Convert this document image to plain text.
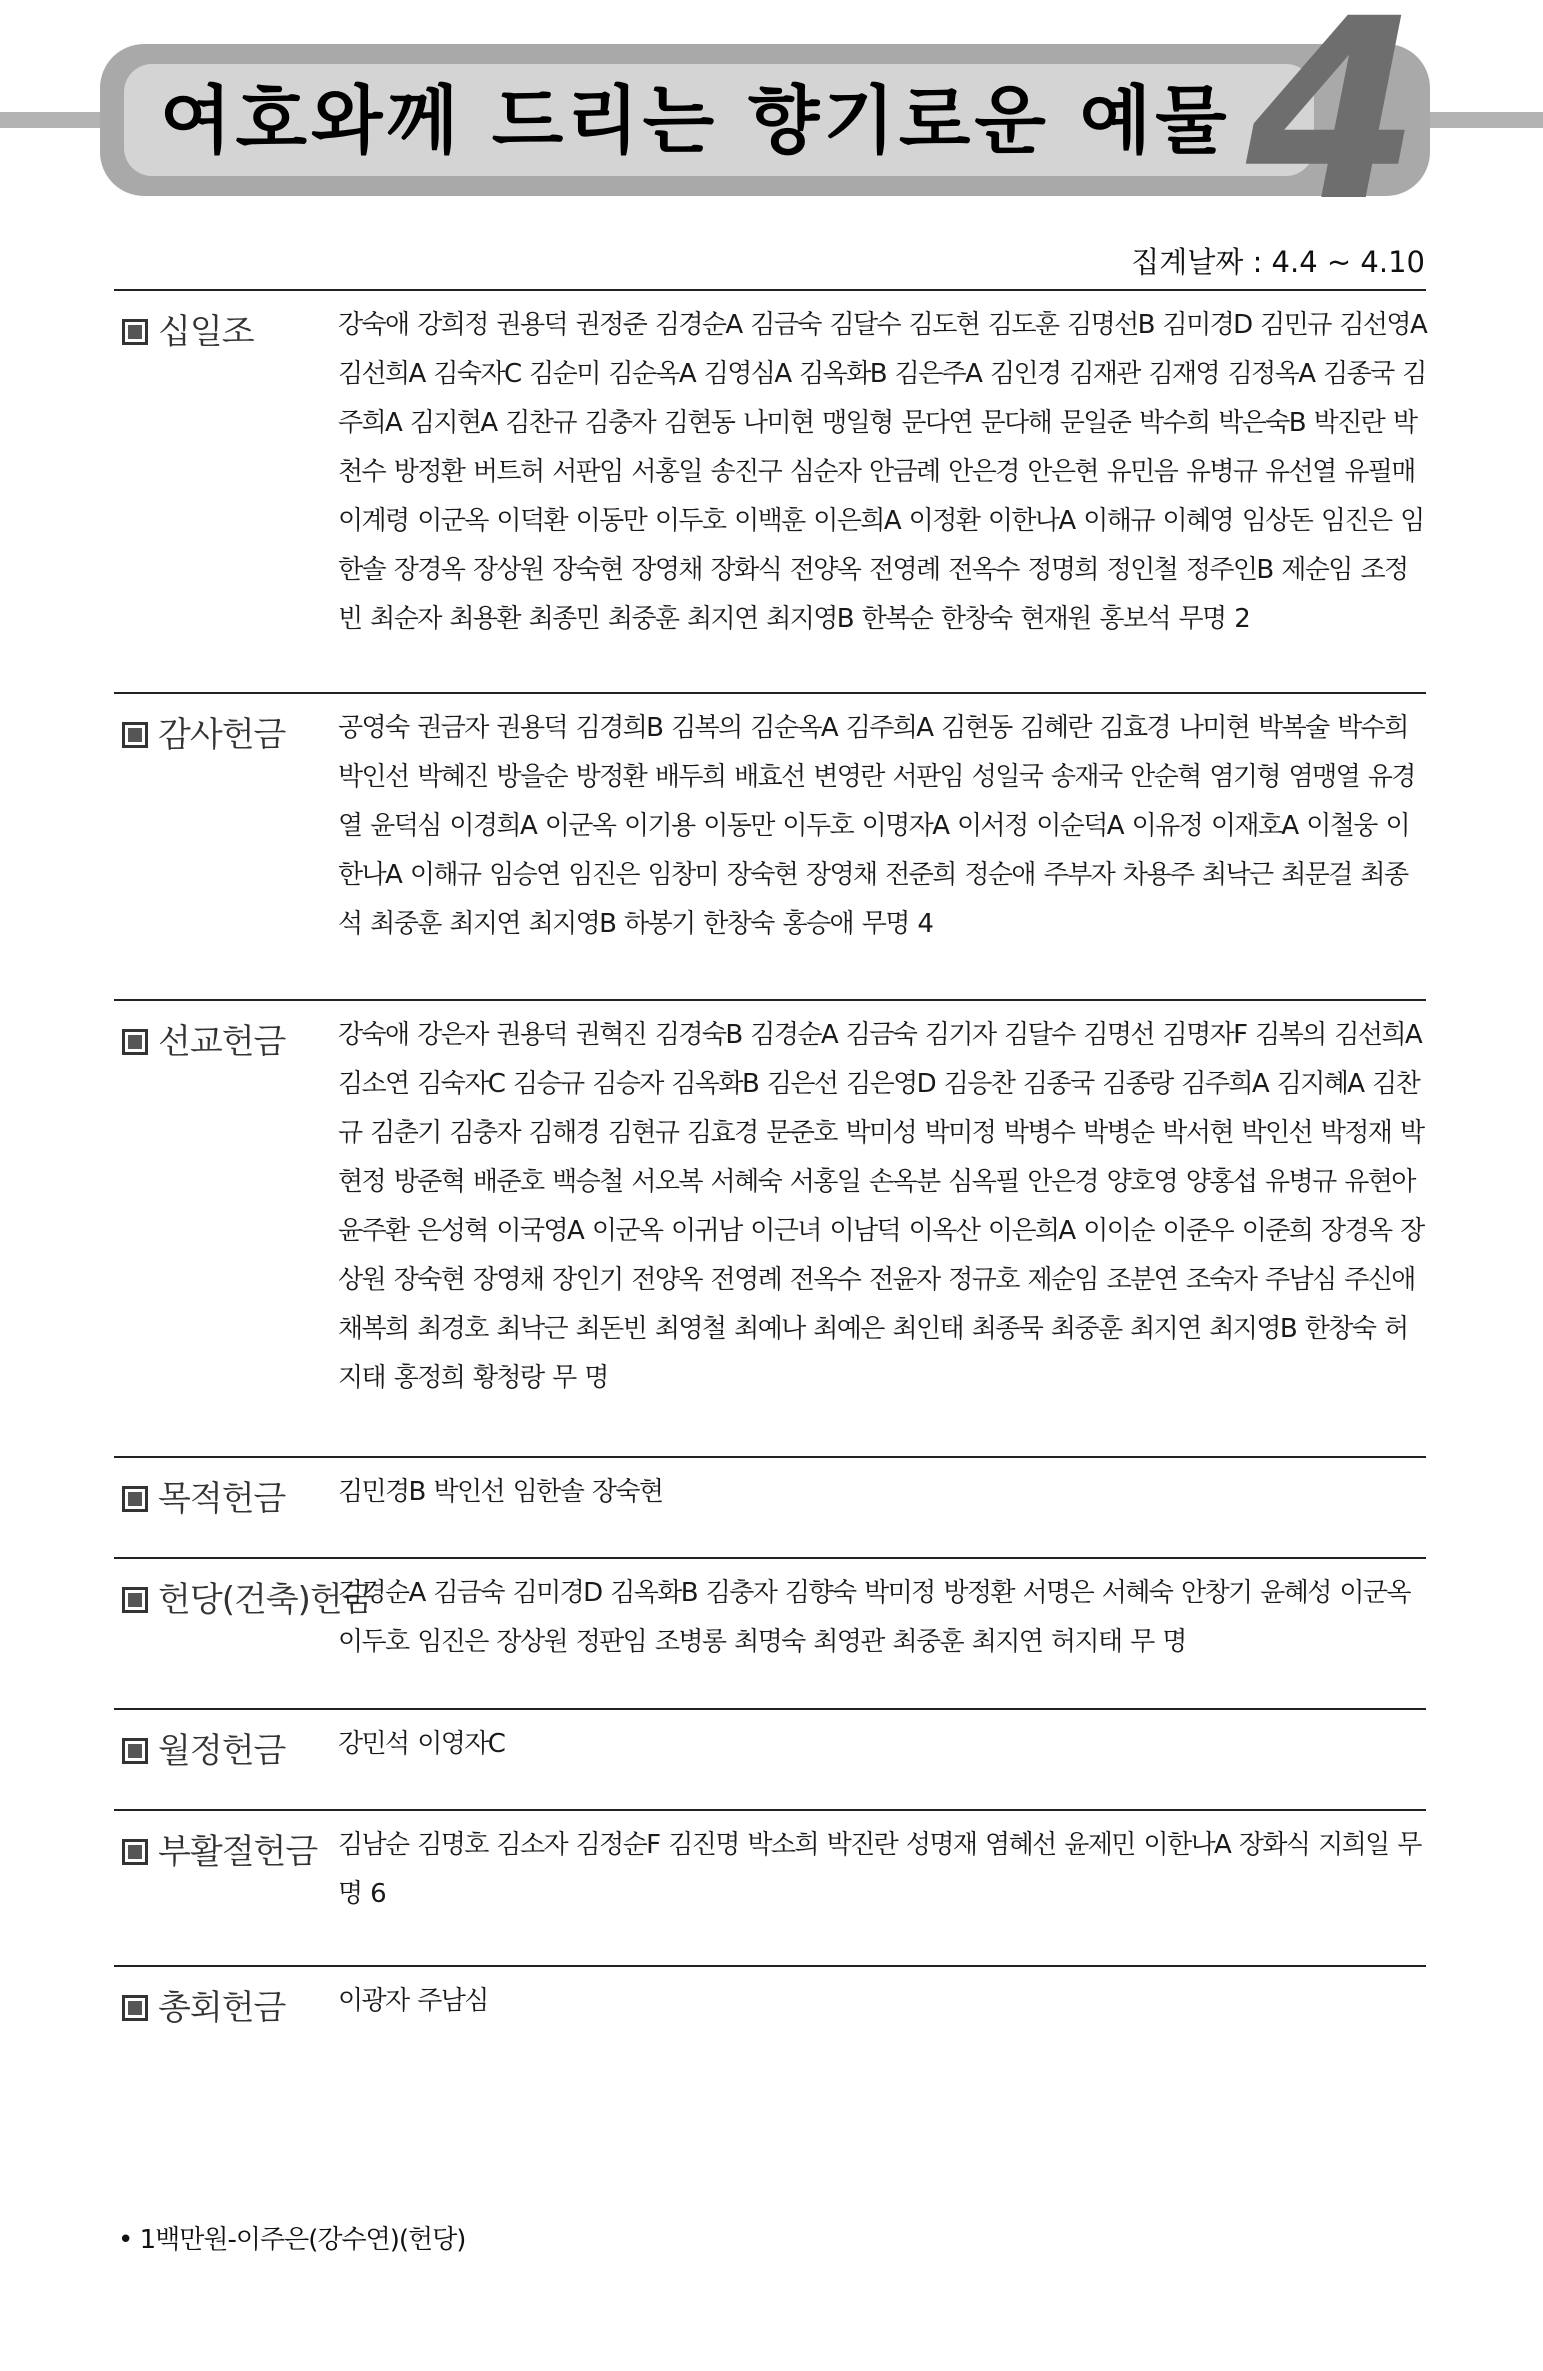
여호와께 드리는 향기로운 예물 4
집계날짜 : 4.4 ~ 4.10
십일조	강숙애 강희정 권용덕 권정준 김경순A 김금숙 김달수 김도현 김도훈 김명선B 김미경D 김민규 김선영A 김선희A 김숙자C 김순미 김순옥A 김영심A 김옥화B 김은주A 김인경 김재관 김재영 김정옥A 김종국 김주희A 김지현A 김찬규 김충자 김현동 나미현 맹일형 문다연 문다해 문일준 박수희 박은숙B 박진란 박천수 방정환 버트허 서판임 서홍일 송진구 심순자 안금례 안은경 안은현 유민음 유병규 유선열 유필매 이계령 이군옥 이덕환 이동만 이두호 이백훈 이은희A 이정환 이한나A 이해규 이혜영 임상돈 임진은 임한솔 장경옥 장상원 장숙현 장영채 장화식 전양옥 전영례 전옥수 정명희 정인철 정주인B 제순임 조정빈 최순자 최용환 최종민 최중훈 최지연 최지영B 한복순 한창숙 현재원 홍보석 무명 2
감사헌금 공영숙 권금자 권용덕 김경희B 김복의 김순옥A 김주희A 김현동 김혜란 김효경 나미현 박복술 박수희 박인선 박혜진 방을순 방정환 배두희 배효선 변영란 서판임 성일국 송재국 안순혁 염기형 염맹열 유경열 윤덕심 이경희A 이군옥 이기용 이동만 이두호 이명자A 이서정 이순덕A 이유정 이재호A 이철웅 이한나A 이해규 임승연 임진은 임창미 장숙현 장영채 전준희 정순애 주부자 차용주 최낙근 최문걸 최종석 최중훈 최지연 최지영B 하봉기 한창숙 홍승애 무명 4
선교헌금 강숙애 강은자 권용덕 권혁진 김경숙B 김경순A 김금숙 김기자 김달수 김명선 김명자F 김복의 김선희A 김소연 김숙자C 김승규 김승자 김옥화B 김은선 김은영D 김응찬 김종국 김종랑 김주희A 김지혜A 김찬규 김춘기 김충자 김해경 김현규 김효경 문준호 박미성 박미정 박병수 박병순 박서현 박인선 박정재 박현정 방준혁 배준호 백승철 서오복 서혜숙 서홍일 손옥분 심옥필 안은경 양호영 양홍섭 유병규 유현아 윤주환 은성혁 이국영A 이군옥 이귀남 이근녀 이남덕 이옥산 이은희A 이이순 이준우 이준희 장경옥 장상원 장숙현 장영채 장인기 전양옥 전영례 전옥수 전윤자 정규호 제순임 조분연 조숙자 주남심 주신애 채복희 최경호 최낙근 최돈빈 최영철 최예나 최예은 최인태 최종묵 최중훈 최지연 최지영B 한창숙 허지태 홍정희 황청랑 무 명
목적헌금 김민경B 박인선 임한솔 장숙현
헌당(건축)헌금
김경순A 김금숙 김미경D 김옥화B 김충자 김향숙 박미정 방정환 서명은 서혜숙 안창기 윤혜성 이군옥 이두호 임진은 장상원 정판임 조병롱 최명숙 최영관 최중훈 최지연 허지태 무 명
월정헌금 강민석 이영자C
부활절헌금 김남순 김명호 김소자 김정순F 김진명 박소희 박진란 성명재 염혜선 윤제민 이한나A 장화식 지희일 무명 6
총회헌금 이광자 주남심
• 1백만원-이주은(강수연)(헌당)
